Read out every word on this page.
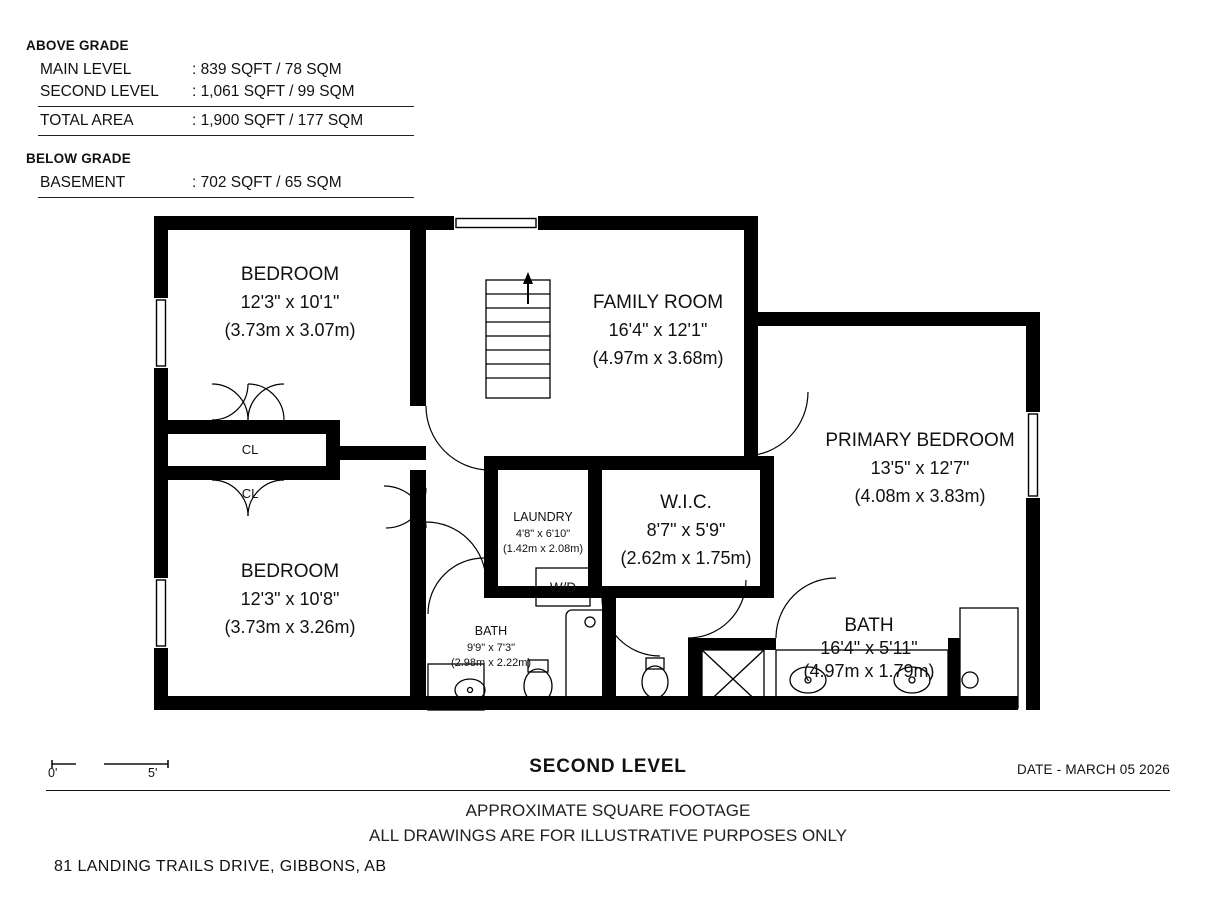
ABOVE GRADE
MAIN LEVEL	: 839 SQFT / 78 SQM
SECOND LEVEL	: 1,061 SQFT / 99 SQM
TOTAL AREA	: 1,900 SQFT / 177 SQM
BELOW GRADE
BASEMENT	: 702 SQFT / 65 SQM
W/D
BEDROOM
12'3" x 10'1"
(3.73m x 3.07m)
FAMILY ROOM
16'4" x 12'1"
(4.97m x 3.68m)
PRIMARY BEDROOM
13'5" x 12'7"
(4.08m x 3.83m)
BEDROOM
12'3" x 10'8"
(3.73m x 3.26m)
W.I.C.
8'7" x 5'9"
(2.62m x 1.75m)
LAUNDRY
4'8" x 6'10"
(1.42m x 2.08m)
BATH
9'9" x 7'3"
(2.98m x 2.22m)
BATH
16'4" x 5'11"
(4.97m x 1.79m)
CL
CL
0'	5'	SECOND LEVEL	DATE - MARCH 05 2026
APPROXIMATE SQUARE FOOTAGE
ALL DRAWINGS ARE FOR ILLUSTRATIVE PURPOSES ONLY
81 LANDING TRAILS DRIVE, GIBBONS, AB
